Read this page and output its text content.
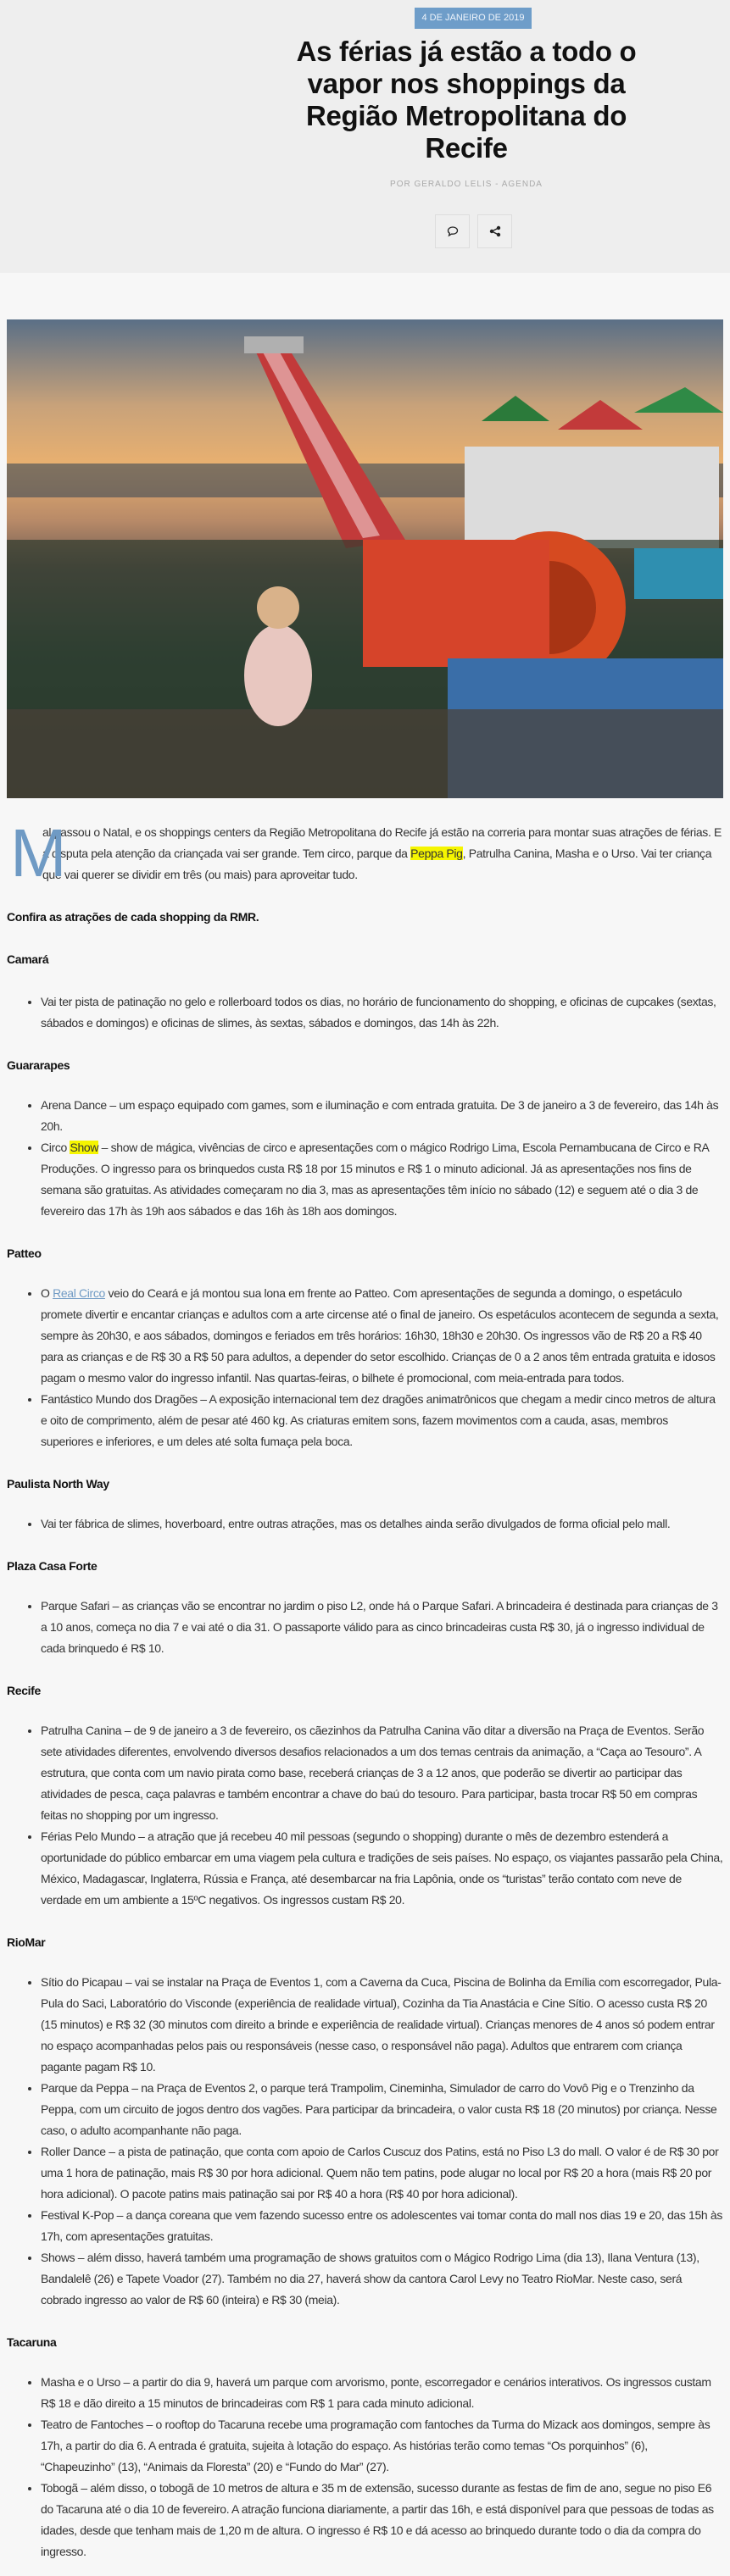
4 DE JANEIRO DE 2019
As férias já estão a todo o vapor nos shoppings da Região Metropolitana do Recife
POR GERALDO LELIS - AGENDA

M
al passou o Natal, e os shoppings centers da Região Metropolitana do Recife já estão na correria para montar suas atrações de férias. E a disputa pela atenção da criançada vai ser grande. Tem circo, parque da Peppa Pig, Patrulha Canina, Masha e o Urso. Vai ter criança que vai querer se dividir em três (ou mais) para aproveitar tudo.

Confira as atrações de cada shopping da RMR.
Camará
• Vai ter pista de patinação no gelo e rollerboard todos os dias, no horário de funcionamento do shopping, e oficinas de cupcakes (sextas, sábados e domingos) e oficinas de slimes, às sextas, sábados e domingos, das 14h às 22h.
Guararapes
• Arena Dance – um espaço equipado com games, som e iluminação e com entrada gratuita. De 3 de janeiro a 3 de fevereiro, das 14h às 20h.
• Circo Show – show de mágica, vivências de circo e apresentações com o mágico Rodrigo Lima, Escola Pernambucana de Circo e RA Produções. O ingresso para os brinquedos custa R$ 18 por 15 minutos e R$ 1 o minuto adicional. Já as apresentações nos fins de semana são gratuitas. As atividades começaram no dia 3, mas as apresentações têm início no sábado (12) e seguem até o dia 3 de fevereiro das 17h às 19h aos sábados e das 16h às 18h aos domingos.
Patteo
• O Real Circo veio do Ceará e já montou sua lona em frente ao Patteo. Com apresentações de segunda a domingo, o espetáculo promete divertir e encantar crianças e adultos com a arte circense até o final de janeiro. Os espetáculos acontecem de segunda a sexta, sempre às 20h30, e aos sábados, domingos e feriados em três horários: 16h30, 18h30 e 20h30. Os ingressos vão de R$ 20 a R$ 40 para as crianças e de R$ 30 a R$ 50 para adultos, a depender do setor escolhido. Crianças de 0 a 2 anos têm entrada gratuita e idosos pagam o mesmo valor do ingresso infantil. Nas quartas-feiras, o bilhete é promocional, com meia-entrada para todos.
• Fantástico Mundo dos Dragões – A exposição internacional tem dez dragões animatrônicos que chegam a medir cinco metros de altura e oito de comprimento, além de pesar até 460 kg. As criaturas emitem sons, fazem movimentos com a cauda, asas, membros superiores e inferiores, e um deles até solta fumaça pela boca.
Paulista North Way
• Vai ter fábrica de slimes, hoverboard, entre outras atrações, mas os detalhes ainda serão divulgados de forma oficial pelo mall.
Plaza Casa Forte
• Parque Safari – as crianças vão se encontrar no jardim o piso L2, onde há o Parque Safari. A brincadeira é destinada para crianças de 3 a 10 anos, começa no dia 7 e vai até o dia 31. O passaporte válido para as cinco brincadeiras custa R$ 30, já o ingresso individual de cada brinquedo é R$ 10.
Recife
• Patrulha Canina – de 9 de janeiro a 3 de fevereiro, os cãezinhos da Patrulha Canina vão ditar a diversão na Praça de Eventos. Serão sete atividades diferentes, envolvendo diversos desafios relacionados a um dos temas centrais da animação, a “Caça ao Tesouro”. A estrutura, que conta com um navio pirata como base, receberá crianças de 3 a 12 anos, que poderão se divertir ao participar das atividades de pesca, caça palavras e também encontrar a chave do baú do tesouro. Para participar, basta trocar R$ 50 em compras feitas no shopping por um ingresso.
• Férias Pelo Mundo – a atração que já recebeu 40 mil pessoas (segundo o shopping) durante o mês de dezembro estenderá a oportunidade do público embarcar em uma viagem pela cultura e tradições de seis países. No espaço, os viajantes passarão pela China, México, Madagascar, Inglaterra, Rússia e França, até desembarcar na fria Lapônia, onde os “turistas” terão contato com neve de verdade em um ambiente a 15ºC negativos. Os ingressos custam R$ 20.
RioMar
• Sítio do Picapau – vai se instalar na Praça de Eventos 1, com a Caverna da Cuca, Piscina de Bolinha da Emília com escorregador, Pula-Pula do Saci, Laboratório do Visconde (experiência de realidade virtual), Cozinha da Tia Anastácia e Cine Sítio. O acesso custa R$ 20 (15 minutos) e R$ 32 (30 minutos com direito a brinde e experiência de realidade virtual). Crianças menores de 4 anos só podem entrar no espaço acompanhadas pelos pais ou responsáveis (nesse caso, o responsável não paga). Adultos que entrarem com criança pagante pagam R$ 10.
• Parque da Peppa – na Praça de Eventos 2, o parque terá Trampolim, Cineminha, Simulador de carro do Vovô Pig e o Trenzinho da Peppa, com um circuito de jogos dentro dos vagões. Para participar da brincadeira, o valor custa R$ 18 (20 minutos) por criança. Nesse caso, o adulto acompanhante não paga.
• Roller Dance – a pista de patinação, que conta com apoio de Carlos Cuscuz dos Patins, está no Piso L3 do mall. O valor é de R$ 30 por uma 1 hora de patinação, mais R$ 30 por hora adicional. Quem não tem patins, pode alugar no local por R$ 20 a hora (mais R$ 20 por hora adicional). O pacote patins mais patinação sai por R$ 40 a hora (R$ 40 por hora adicional).
• Festival K-Pop – a dança coreana que vem fazendo sucesso entre os adolescentes vai tomar conta do mall nos dias 19 e 20, das 15h às 17h, com apresentações gratuitas.
• Shows – além disso, haverá também uma programação de shows gratuitos com o Mágico Rodrigo Lima (dia 13), Ilana Ventura (13), Bandalelê (26) e Tapete Voador (27). Também no dia 27, haverá show da cantora Carol Levy no Teatro RioMar. Neste caso, será cobrado ingresso ao valor de R$ 60 (inteira) e R$ 30 (meia).
Tacaruna
• Masha e o Urso – a partir do dia 9, haverá um parque com arvorismo, ponte, escorregador e cenários interativos. Os ingressos custam R$ 18 e dão direito a 15 minutos de brincadeiras com R$ 1 para cada minuto adicional.
• Teatro de Fantoches – o rooftop do Tacaruna recebe uma programação com fantoches da Turma do Mizack aos domingos, sempre às 17h, a partir do dia 6. A entrada é gratuita, sujeita à lotação do espaço. As histórias terão como temas “Os porquinhos” (6), “Chapeuzinho” (13), “Animais da Floresta” (20) e “Fundo do Mar” (27).
• Tobogã – além disso, o tobogã de 10 metros de altura e 35 m de extensão, sucesso durante as festas de fim de ano, segue no piso E6 do Tacaruna até o dia 10 de fevereiro. A atração funciona diariamente, a partir das 16h, e está disponível para que pessoas de todas as idades, desde que tenham mais de 1,20 m de altura. O ingresso é R$ 10 e dá acesso ao brinquedo durante todo o dia da compra do ingresso.
